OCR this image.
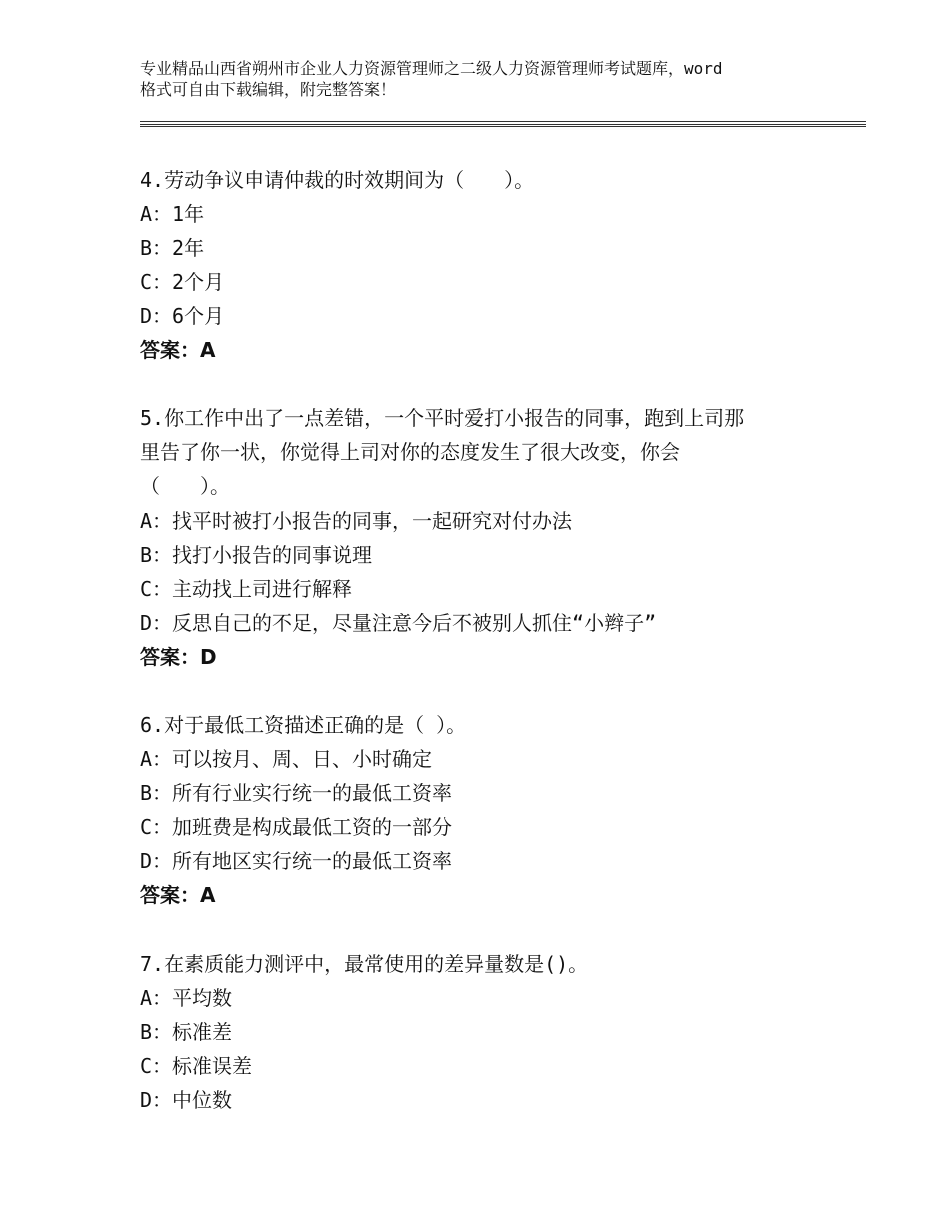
专业精品山西省朔州市企业人力资源管理师之二级人力资源管理师考试题库，word
格式可自由下载编辑，附完整答案！
4.劳动争议申请仲裁的时效期间为（　　）。
A：1年
B：2年
C：2个月
D：6个月
答案：A
5.你工作中出了一点差错，一个平时爱打小报告的同事，跑到上司那
里告了你一状，你觉得上司对你的态度发生了很大改变，你会
（　　）。
A：找平时被打小报告的同事，一起研究对付办法
B：找打小报告的同事说理
C：主动找上司进行解释
D：反思自己的不足，尽量注意今后不被别人抓住“小辫子”
答案：D
6.对于最低工资描述正确的是（ ）。
A：可以按月、周、日、小时确定
B：所有行业实行统一的最低工资率
C：加班费是构成最低工资的一部分
D：所有地区实行统一的最低工资率
答案：A
7.在素质能力测评中，最常使用的差异量数是()。
A：平均数
B：标准差
C：标准误差
D：中位数
